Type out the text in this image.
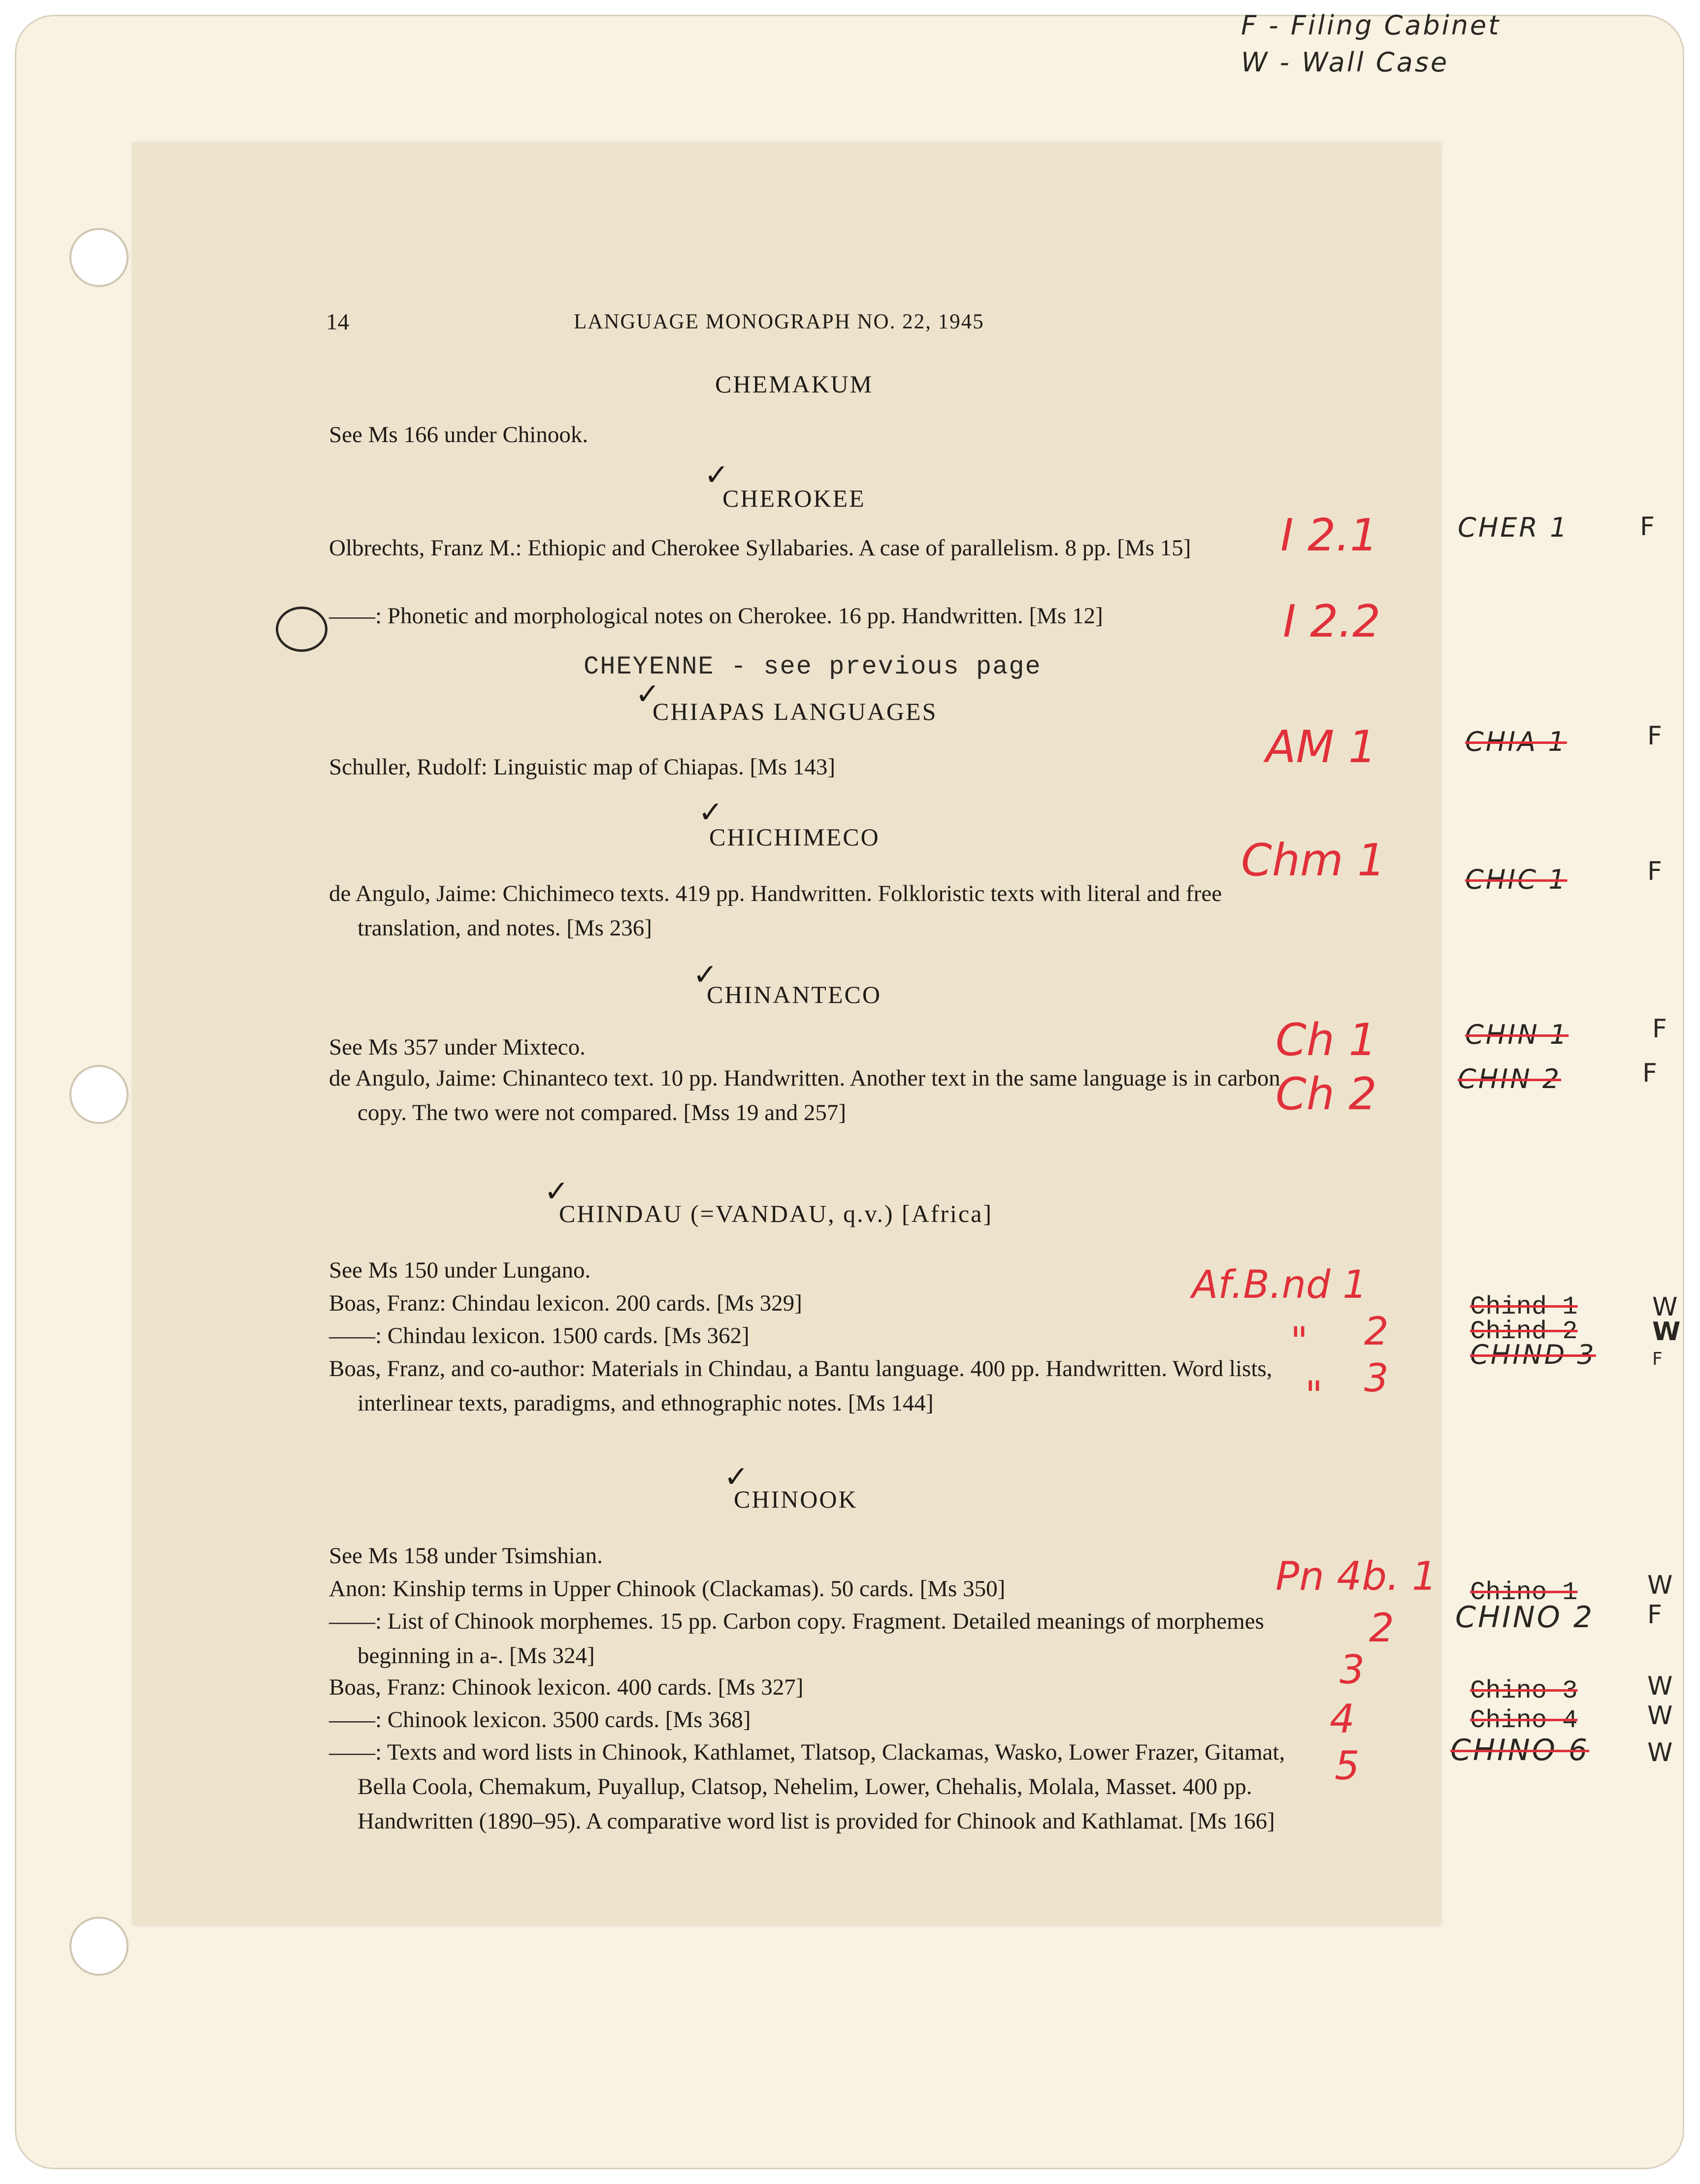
F - Filing Cabinet
W - Wall Case
14	LANGUAGE MONOGRAPH NO. 22, 1945
CHEMAKUM
See Ms 166 under Chinook.
✓
CHEROKEE
Olbrechts, Franz M.: Ethiopic and Cherokee Syllabaries. A case of parallelism. 8 pp. [Ms 15]
——: Phonetic and morphological notes on Cherokee. 16 pp. Handwritten. [Ms 12]
CHEYENNE - see previous page
✓
CHIAPAS LANGUAGES
Schuller, Rudolf: Linguistic map of Chiapas. [Ms 143]
✓
CHICHIMECO
de Angulo, Jaime: Chichimeco texts. 419 pp. Handwritten. Folkloristic texts with literal and free translation, and notes. [Ms 236]
✓
CHINANTECO
See Ms 357 under Mixteco.
de Angulo, Jaime: Chinanteco text. 10 pp. Handwritten. Another text in the same language is in carbon copy. The two were not compared. [Mss 19 and 257]
✓
CHINDAU (=VANDAU, q.v.) [Africa]
See Ms 150 under Lungano.
Boas, Franz: Chindau lexicon. 200 cards. [Ms 329]
——: Chindau lexicon. 1500 cards. [Ms 362]
Boas, Franz, and co-author: Materials in Chindau, a Bantu language. 400 pp. Handwritten. Word lists, interlinear texts, paradigms, and ethnographic notes. [Ms 144]
✓
CHINOOK
See Ms 158 under Tsimshian.
Anon: Kinship terms in Upper Chinook (Clackamas). 50 cards. [Ms 350]
——: List of Chinook morphemes. 15 pp. Carbon copy. Fragment. Detailed meanings of morphemes beginning in a-. [Ms 324]
Boas, Franz: Chinook lexicon. 400 cards. [Ms 327]
——: Chinook lexicon. 3500 cards. [Ms 368]
——: Texts and word lists in Chinook, Kathlamet, Tlatsop, Clackamas, Wasko, Lower Frazer, Gitamat, Bella Coola, Chemakum, Puyallup, Clatsop, Nehelim, Lower, Chehalis, Molala, Masset. 400 pp. Handwritten (1890–95). A comparative word list is provided for Chinook and Kathlamat. [Ms 166]
I 2.1
I 2.2
AM 1
Chm 1
Ch 1
Ch 2
Af.B.nd 1
2
"
3
"
Pn 4b. 1
2
3
4
5
CHER 1	F
CHIA 1	F
CHIC 1	F
CHIN 1	F
CHIN 2	F
Chind 1	W
Chind 2	W
CHIND 3	F
Chino 1	W
CHINO 2 F
Chino 3	W
Chino 4	W
CHINO 6 W
